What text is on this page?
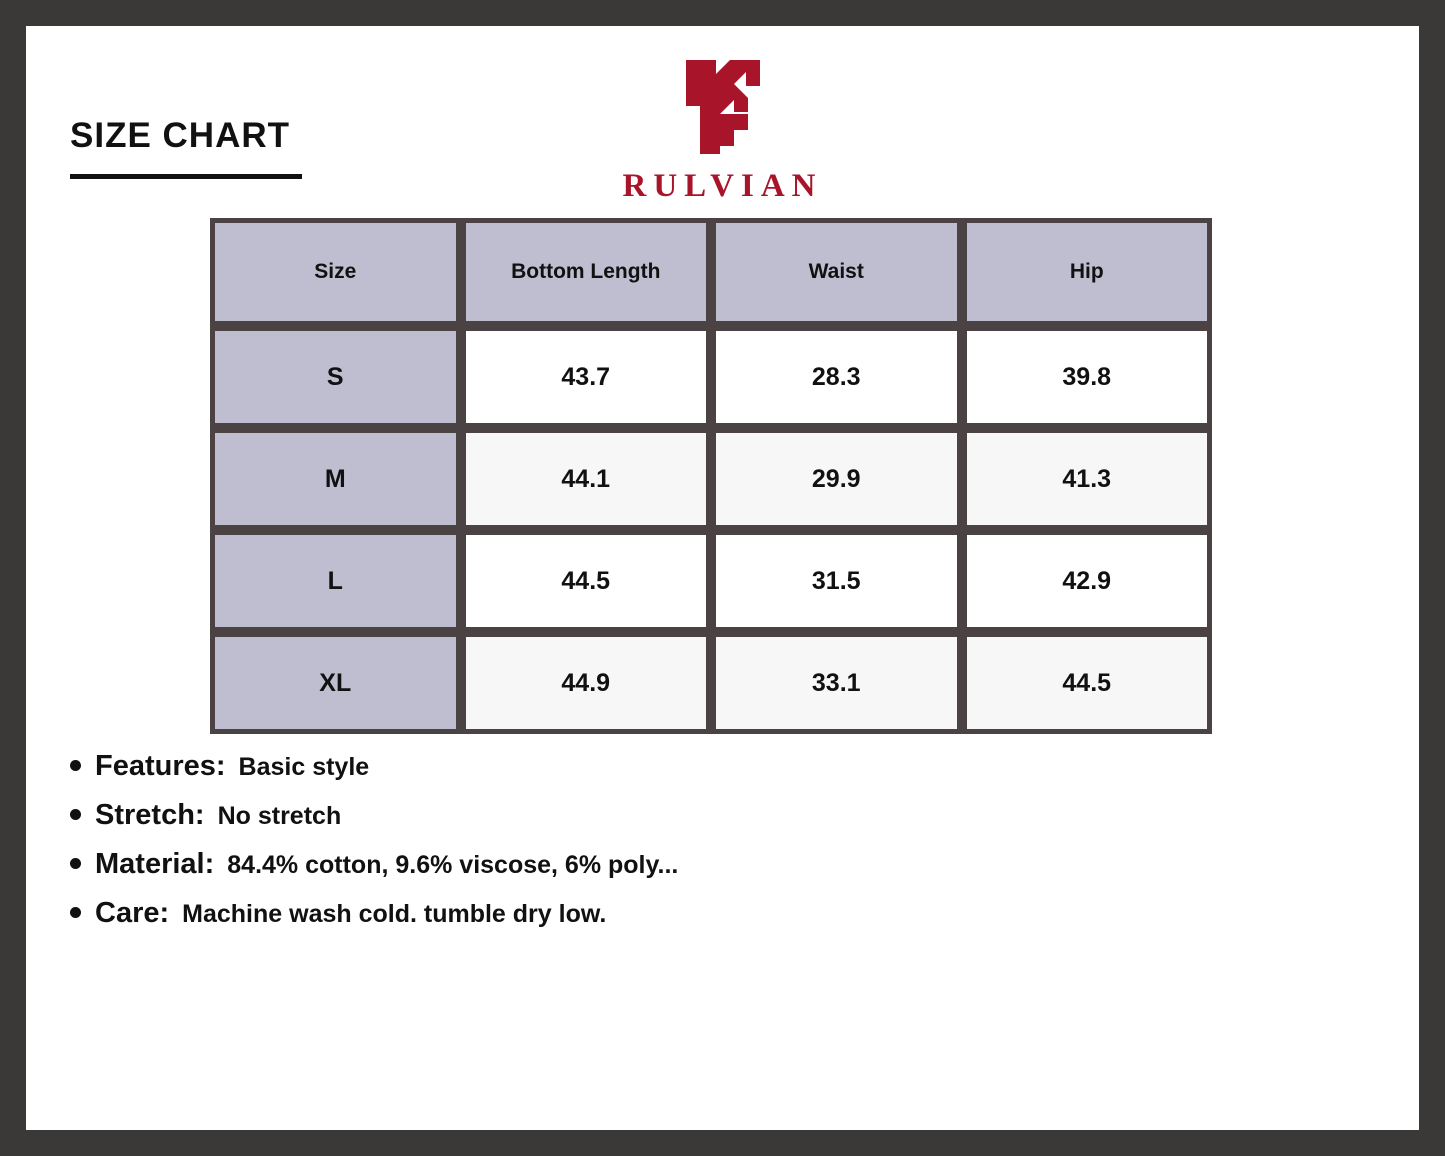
SIZE CHART
RULVIAN
Size	Bottom Length	Waist	Hip
S	43.7	28.3	39.8
M	44.1	29.9	41.3
L	44.5	31.5	42.9
XL	44.9	33.1	44.5
Features: Basic style
Stretch: No stretch
Material: 84.4% cotton, 9.6% viscose, 6% poly...
Care: Machine wash cold. tumble dry low.
